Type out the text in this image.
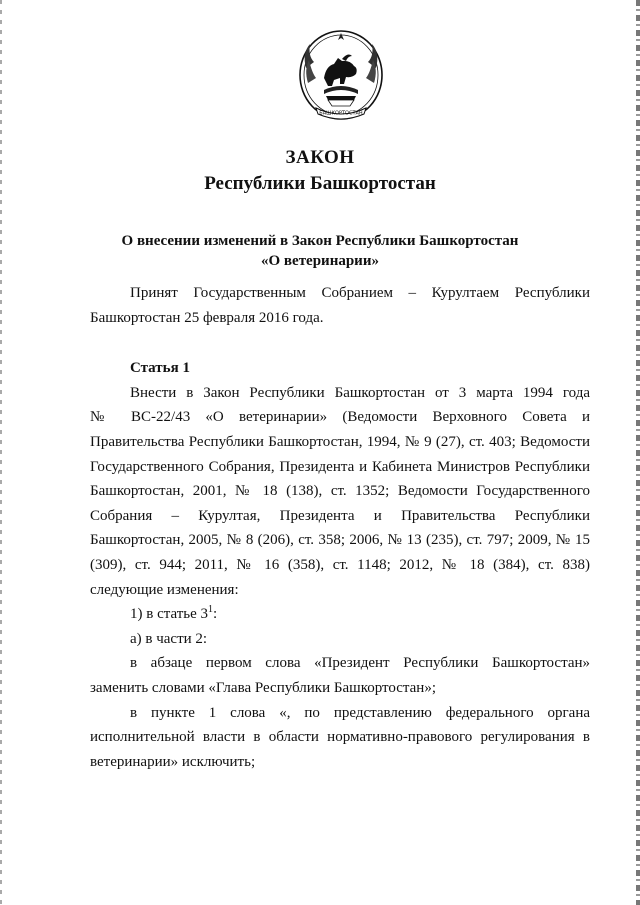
БАШКОРТОСТАН
ЗАКОН
Республики Башкортостан
О внесении изменений в Закон Республики Башкортостан
«О ветеринарии»

Принят Государственным Собранием – Курултаем Республики

Башкортостан 25 февраля 2016 года.

Статья 1

Внести в Закон Республики Башкортостан от 3 марта 1994 года

№ ВС-22/43 «О ветеринарии» (Ведомости Верховного Совета и

Правительства Республики Башкортостан, 1994, № 9 (27), ст. 403; Ведомости

Государственного Собрания, Президента и Кабинета Министров Республики

Башкортостан, 2001, № 18 (138), ст. 1352; Ведомости Государственного

Собрания – Курултая, Президента и Правительства Республики

Башкортостан, 2005, № 8 (206), ст. 358; 2006, № 13 (235), ст. 797; 2009, № 15

(309), ст. 944; 2011, № 16 (358), ст. 1148; 2012, № 18 (384), ст. 838)

следующие изменения:

1) в статье $3^1$:

а) в части 2:

в абзаце первом слова «Президент Республики Башкортостан»

заменить словами «Глава Республики Башкортостан»;

в пункте 1 слова «, по представлению федерального органа

исполнительной власти в области нормативно-правового регулирования в

ветеринарии» исключить;
